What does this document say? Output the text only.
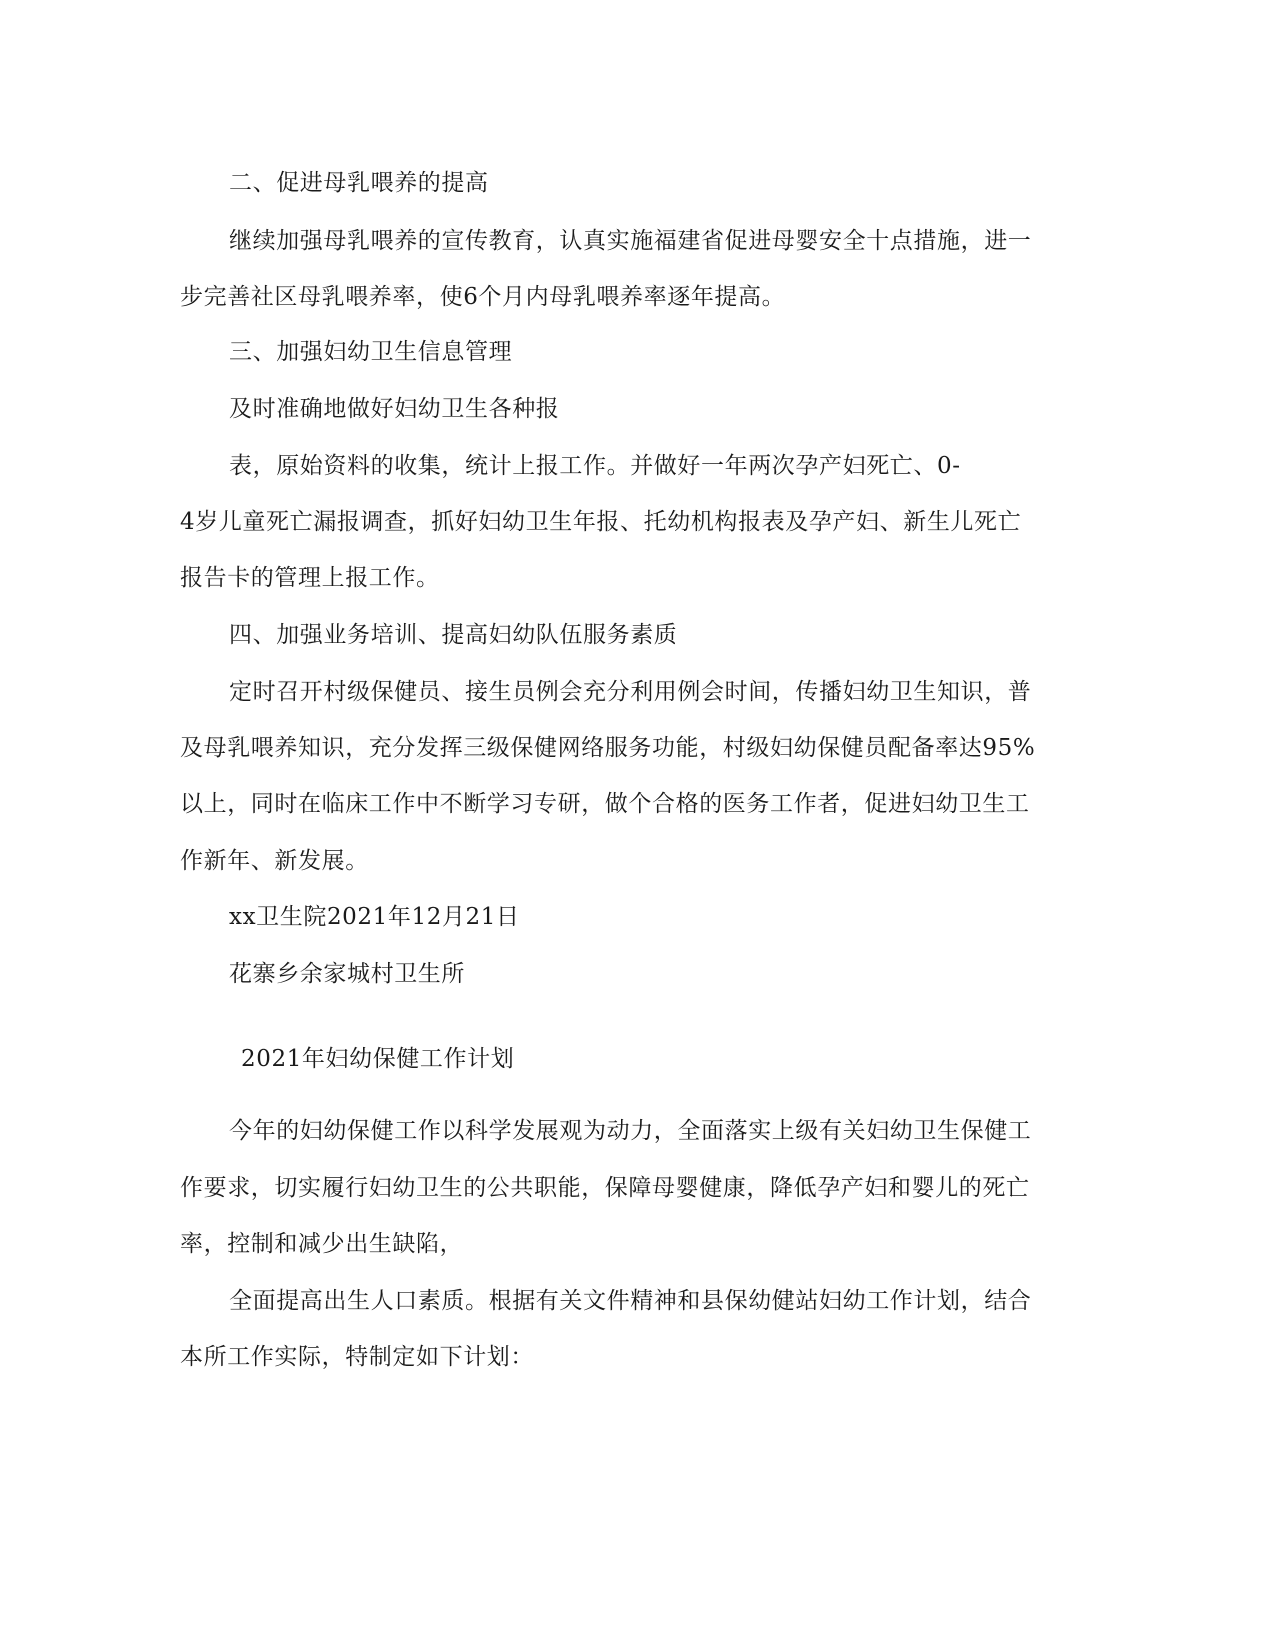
二、促进母乳喂养的提高
继续加强母乳喂养的宣传教育，认真实施福建省促进母婴安全十点措施，进一
步完善社区母乳喂养率，使6个月内母乳喂养率逐年提高。
三、加强妇幼卫生信息管理
及时准确地做好妇幼卫生各种报
表，原始资料的收集，统计上报工作。并做好一年两次孕产妇死亡、0-
4岁儿童死亡漏报调查，抓好妇幼卫生年报、托幼机构报表及孕产妇、新生儿死亡
报告卡的管理上报工作。
四、加强业务培训、提高妇幼队伍服务素质
定时召开村级保健员、接生员例会充分利用例会时间，传播妇幼卫生知识，普
及母乳喂养知识，充分发挥三级保健网络服务功能，村级妇幼保健员配备率达95%
以上，同时在临床工作中不断学习专研，做个合格的医务工作者，促进妇幼卫生工
作新年、新发展。
xx卫生院2021年12月21日
花寨乡余家城村卫生所
2021年妇幼保健工作计划
今年的妇幼保健工作以科学发展观为动力，全面落实上级有关妇幼卫生保健工
作要求，切实履行妇幼卫生的公共职能，保障母婴健康，降低孕产妇和婴儿的死亡
率，控制和减少出生缺陷，
全面提高出生人口素质。根据有关文件精神和县保幼健站妇幼工作计划，结合
本所工作实际，特制定如下计划：
